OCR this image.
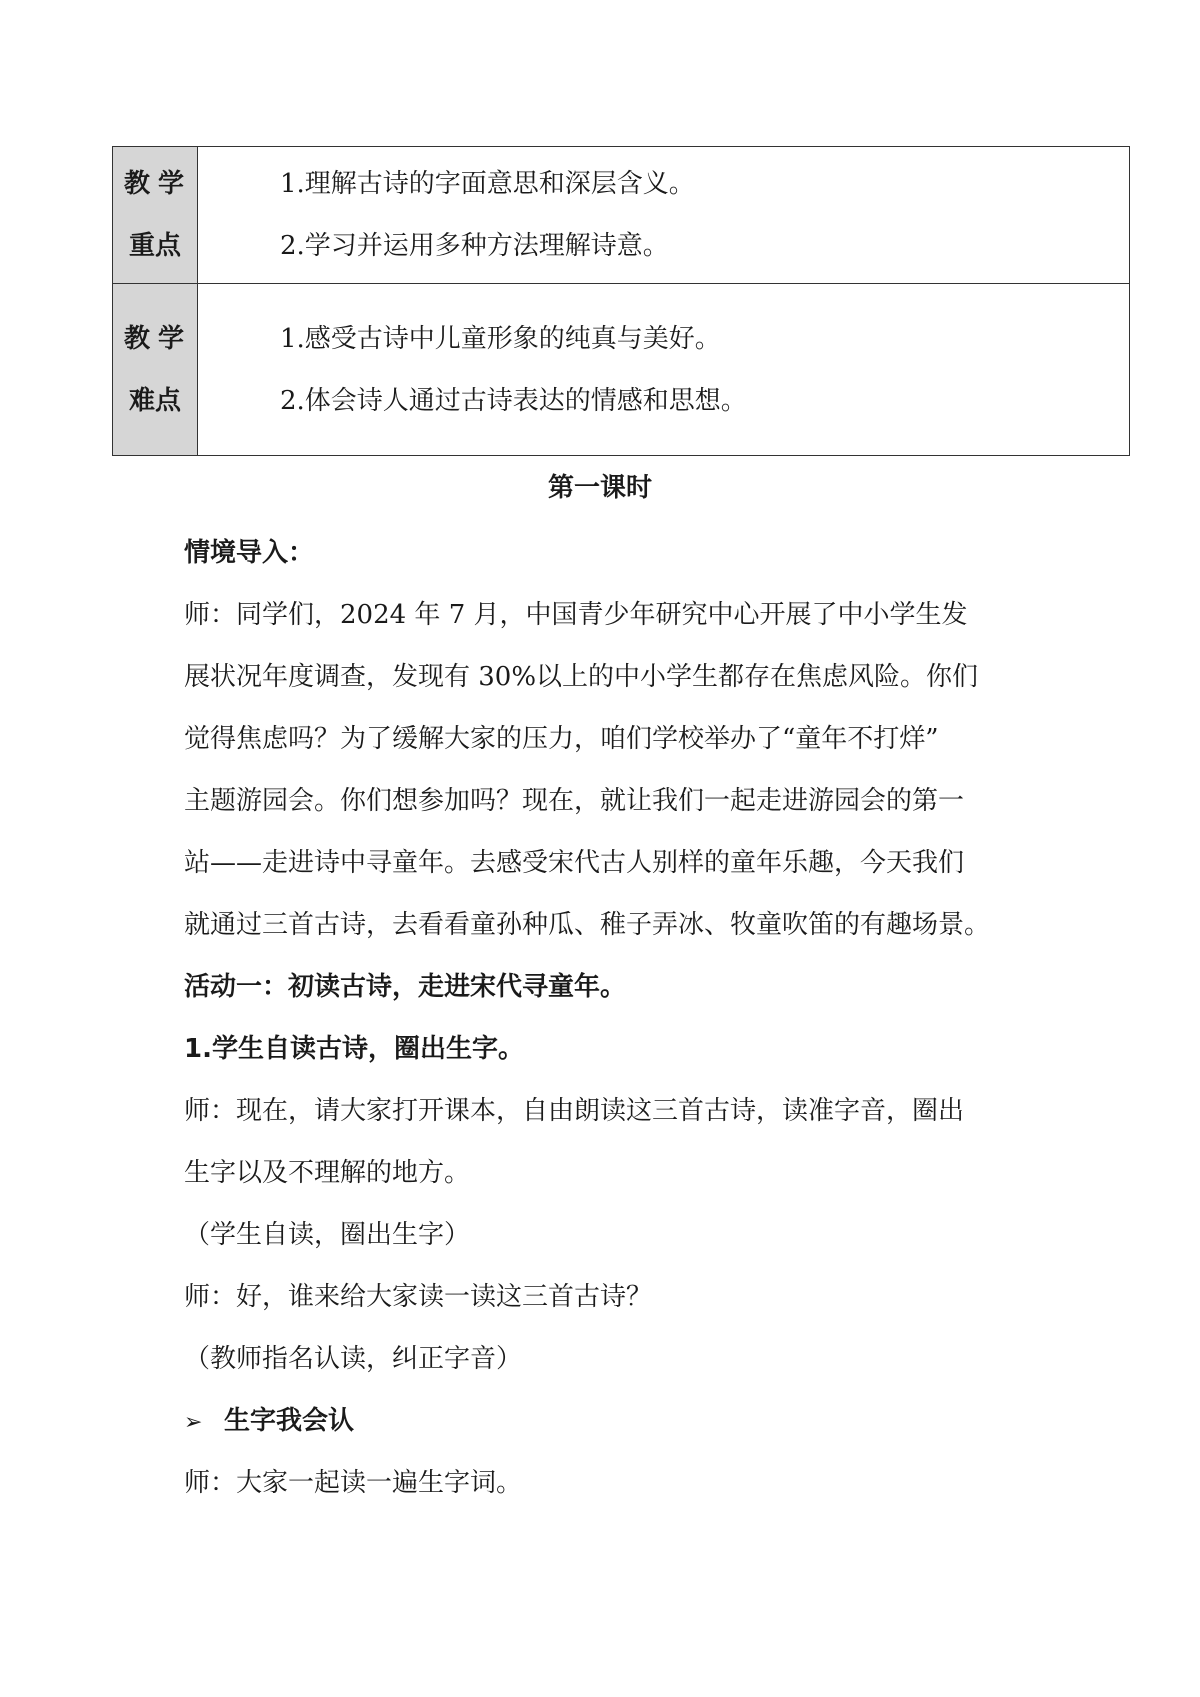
教学
重点	1.理解古诗的字面意思和深层含义。
2.学习并运用多种方法理解诗意。

教学
难点	1.感受古诗中儿童形象的纯真与美好。
2.体会诗人通过古诗表达的情感和思想。
第一课时
情境导入：
师：同学们，2024 年 7 月，中国青少年研究中心开展了中小学生发
展状况年度调查，发现有 30%以上的中小学生都存在焦虑风险。你们
觉得焦虑吗？为了缓解大家的压力，咱们学校举办了“童年不打烊”
主题游园会。你们想参加吗？现在，就让我们一起走进游园会的第一
站——走进诗中寻童年。去感受宋代古人别样的童年乐趣，今天我们
就通过三首古诗，去看看童孙种瓜、稚子弄冰、牧童吹笛的有趣场景。
活动一：初读古诗，走进宋代寻童年。
1.学生自读古诗，圈出生字。
师：现在，请大家打开课本，自由朗读这三首古诗，读准字音，圈出
生字以及不理解的地方。
（学生自读，圈出生字）
师：好，谁来给大家读一读这三首古诗？
（教师指名认读，纠正字音）
➢ 生字我会认
师：大家一起读一遍生字词。
